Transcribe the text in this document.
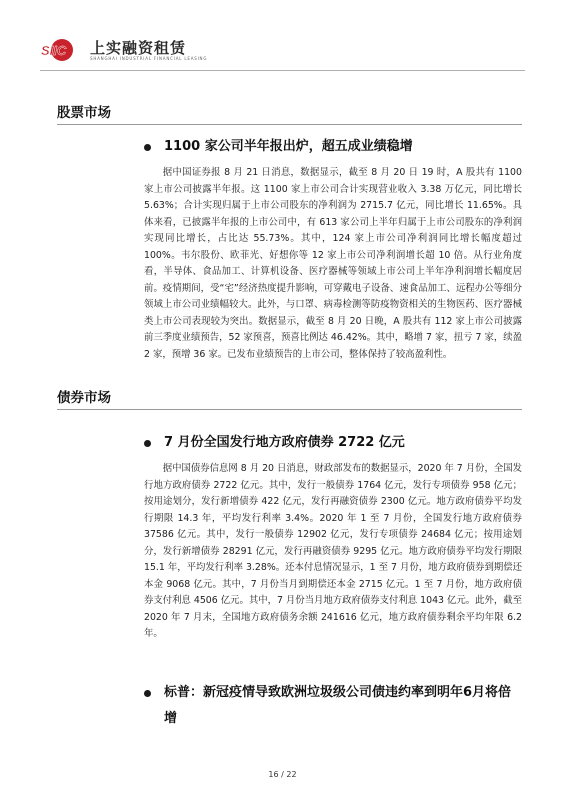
SIIC 上实融资租赁
SHANGHAI INDUSTRIAL FINANCIAL LEASING
股票市场
1100 家公司半年报出炉，超五成业绩稳增

据中国证券报 8 月 21 日消息，数据显示，截至 8 月 20 日 19 时，A 股共有 1100 家上市公司披露半年报。这 1100 家上市公司合计实现营业收入 3.38 万亿元，同比增长 5.63%；合计实现归属于上市公司股东的净利润为 2715.7 亿元，同比增长 11.65%。具体来看，已披露半年报的上市公司中，有 613 家公司上半年归属于上市公司股东的净利润实现同比增长，占比达 55.73%。其中，124 家上市公司净利润同比增长幅度超过 100%。韦尔股份、欧菲光、好想你等 12 家上市公司净利润增长超 10 倍。从行业角度看，半导体、食品加工、计算机设备、医疗器械等领域上市公司上半年净利润增长幅度居前。疫情期间，受“宅”经济热度提升影响，可穿戴电子设备、速食品加工、远程办公等细分领域上市公司业绩幅较大。此外，与口罩、病毒检测等防疫物资相关的生物医药、医疗器械类上市公司表现较为突出。数据显示，截至 8 月 20 日晚，A 股共有 112 家上市公司披露前三季度业绩预告，52 家预喜，预喜比例达 46.42%。其中，略增 7 家，扭亏 7 家，续盈 2 家，预增 36 家。已发布业绩预告的上市公司，整体保持了较高盈利性。

债券市场
7 月份全国发行地方政府债券 2722 亿元

据中国债券信息网 8 月 20 日消息，财政部发布的数据显示，2020 年 7 月份，全国发行地方政府债券 2722 亿元。其中，发行一般债券 1764 亿元，发行专项债券 958 亿元；按用途划分，发行新增债券 422 亿元，发行再融资债券 2300 亿元。地方政府债券平均发行期限 14.3 年，平均发行利率 3.4%。2020 年 1 至 7 月份，全国发行地方政府债券 37586 亿元。其中，发行一般债券 12902 亿元，发行专项债券 24684 亿元；按用途划分，发行新增债券 28291 亿元，发行再融资债券 9295 亿元。地方政府债券平均发行期限 15.1 年，平均发行利率 3.28%。还本付息情况显示，1 至 7 月份，地方政府债券到期偿还本金 9068 亿元。其中，7 月份当月到期偿还本金 2715 亿元。1 至 7 月份，地方政府债券支付利息 4506 亿元。其中，7 月份当月地方政府债券支付利息 1043 亿元。此外，截至 2020 年 7 月末，全国地方政府债务余额 241616 亿元，地方政府债券剩余平均年限 6.2 年。

标普：新冠疫情导致欧洲垃圾级公司债违约率到明年6月将倍增
16 / 22
